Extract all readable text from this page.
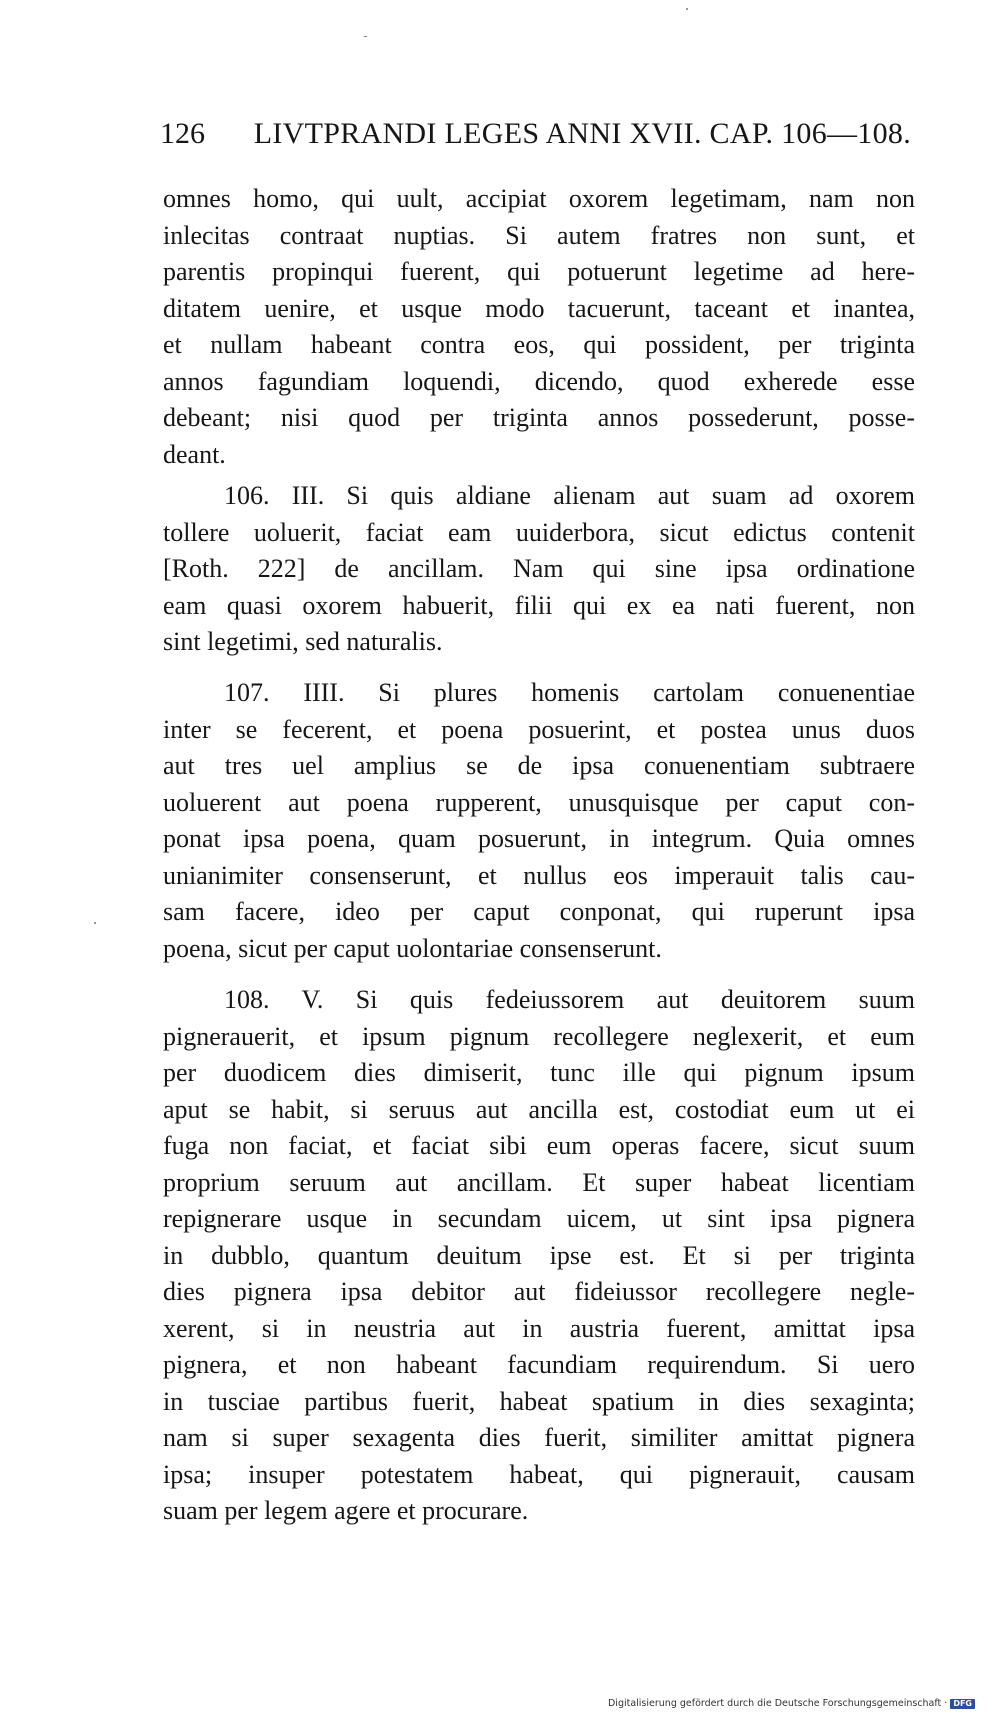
126 LIVTPRANDI LEGES ANNI XVII. CAP. 106—108.
omnes homo, qui uult, accipiat oxorem legetimam, nam non
inlecitas contraat nuptias. Si autem fratres non sunt, et
parentis propinqui fuerent, qui potuerunt legetime ad here-
ditatem uenire, et usque modo tacuerunt, taceant et inantea,
et nullam habeant contra eos, qui possident, per triginta
annos fagundiam loquendi, dicendo, quod exherede esse
debeant; nisi quod per triginta annos possederunt, posse-
deant.
106. III. Si quis aldiane alienam aut suam ad oxorem
tollere uoluerit, faciat eam uuiderbora, sicut edictus contenit
[Roth. 222] de ancillam. Nam qui sine ipsa ordinatione
eam quasi oxorem habuerit, filii qui ex ea nati fuerent, non
sint legetimi, sed naturalis.
107. IIII. Si plures homenis cartolam conuenentiae
inter se fecerent, et poena posuerint, et postea unus duos
aut tres uel amplius se de ipsa conuenentiam subtraere
uoluerent aut poena rupperent, unusquisque per caput con-
ponat ipsa poena, quam posuerunt, in integrum. Quia omnes
unianimiter consenserunt, et nullus eos imperauit talis cau-
sam facere, ideo per caput conponat, qui ruperunt ipsa
poena, sicut per caput uolontariae consenserunt.
108. V. Si quis fedeiussorem aut deuitorem suum
pignerauerit, et ipsum pignum recollegere neglexerit, et eum
per duodicem dies dimiserit, tunc ille qui pignum ipsum
aput se habit, si seruus aut ancilla est, costodiat eum ut ei
fuga non faciat, et faciat sibi eum operas facere, sicut suum
proprium seruum aut ancillam. Et super habeat licentiam
repignerare usque in secundam uicem, ut sint ipsa pignera
in dubblo, quantum deuitum ipse est. Et si per triginta
dies pignera ipsa debitor aut fideiussor recollegere negle-
xerent, si in neustria aut in austria fuerent, amittat ipsa
pignera, et non habeant facundiam requirendum. Si uero
in tusciae partibus fuerit, habeat spatium in dies sexaginta;
nam si super sexagenta dies fuerit, similiter amittat pignera
ipsa; insuper potestatem habeat, qui pignerauit, causam
suam per legem agere et procurare.
Digitalisierung gefördert durch die Deutsche Forschungsgemeinschaft · DFG
